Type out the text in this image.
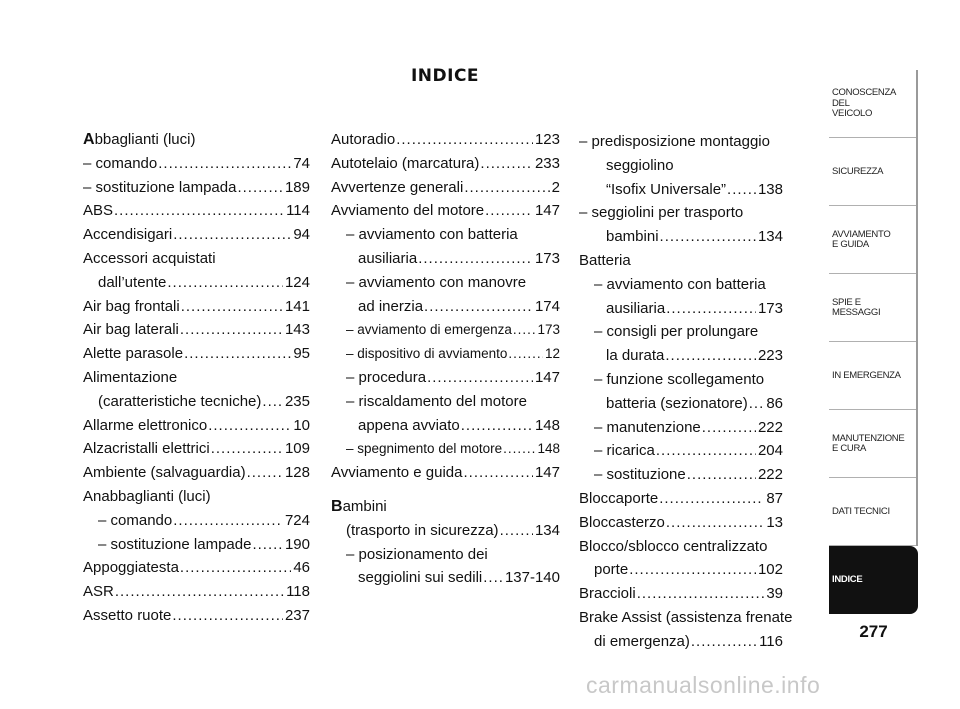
INDICE
Abbaglianti (luci)
– comando .....	74
– sostituzione lampada .....	189
ABS .....	114
Accendisigari .....	94
Accessori acquistati
dall’utente .....	124
Air bag frontali .....	141
Air bag laterali .....	143
Alette parasole .....	95
Alimentazione
(caratteristiche tecniche) ..... 235
Allarme elettronico .....	10
Alzacristalli elettrici .....	109
Ambiente (salvaguardia) .....	128
Anabbaglianti (luci)
– comando .....	724
– sostituzione lampade ..... 190
Appoggiatesta .....	46
ASR .....	118
Assetto ruote .....	237
Autoradio .....	123
Autotelaio (marcatura) .....	233
Avvertenze generali .....	2
Avviamento del motore .....	147
– avviamento con batteria
ausiliaria .....	173
– avviamento con manovre
ad inerzia .....	174
– avviamento di emergenza ..... 173
– dispositivo di avviamento .....	12
– procedura .....	147
– riscaldamento del motore
appena avviato .....	148
– spegnimento del motore .....	148
Avviamento e guida .....	147
Bambini
(trasporto in sicurezza) ..... 134
– posizionamento dei
seggiolini sui sedili ..... 137-140
– predisposizione montaggio
seggiolino
“Isofix Universale” ..... 138
– seggiolini per trasporto
bambini .....	134
Batteria
– avviamento con batteria
ausiliaria .....	173
– consigli per prolungare
la durata .....	223
– funzione scollegamento
batteria (sezionatore) ..... 86
– manutenzione .....	222
– ricarica .....	204
– sostituzione .....	222
Bloccaporte .....	87
Bloccasterzo .....	13
Blocco/sblocco centralizzato
porte .....	102
Braccioli .....	39
Brake Assist (assistenza frenate
di emergenza) .....	116
CONOSCENZA
DEL
VEICOLO
SICUREZZA
AVVIAMENTO
E GUIDA
SPIE E
MESSAGGI
IN EMERGENZA
MANUTENZIONE
E CURA
DATI TECNICI
INDICE
277
carmanualsonline.info
